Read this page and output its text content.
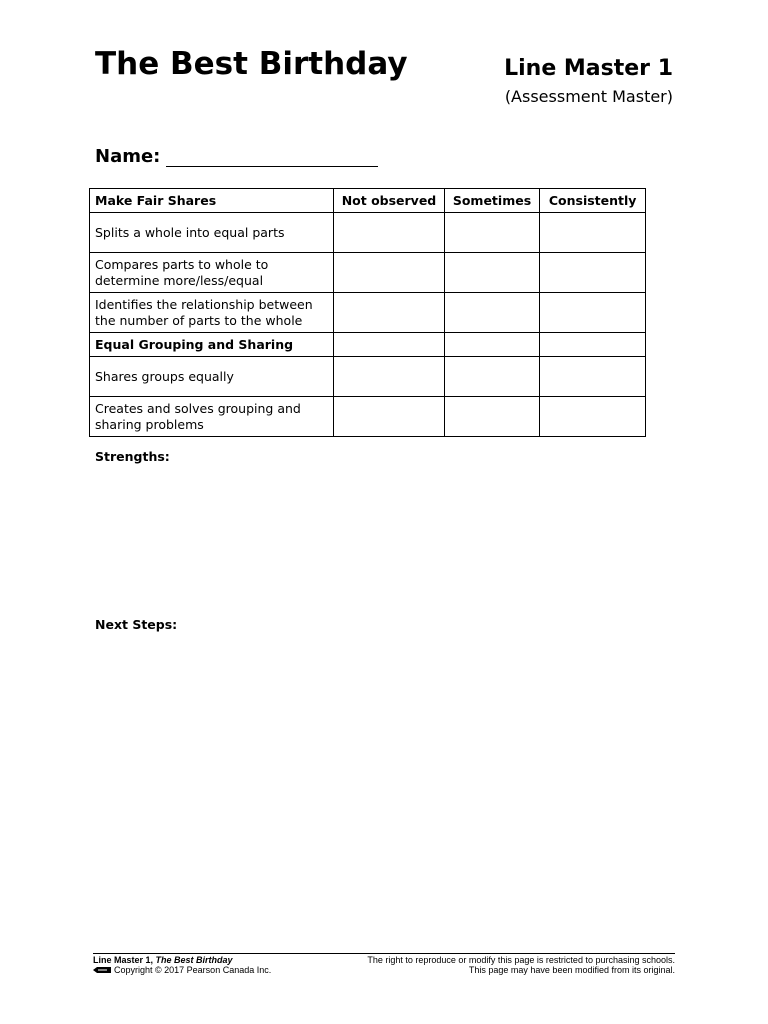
The Best Birthday	Line Master 1
(Assessment Master)
Name:
Make Fair Shares	Not observed	Sometimes	Consistently
Splits a whole into equal parts			
Compares parts to whole to determine more/less/equal			
Identifies the relationship between the number of parts to the whole			
Equal Grouping and Sharing			
Shares groups equally			
Creates and solves grouping and sharing problems			
Strengths:
Next Steps:
Line Master 1, The Best Birthday
Copyright © 2017 Pearson Canada Inc.
The right to reproduce or modify this page is restricted to purchasing schools.
This page may have been modified from its original.
